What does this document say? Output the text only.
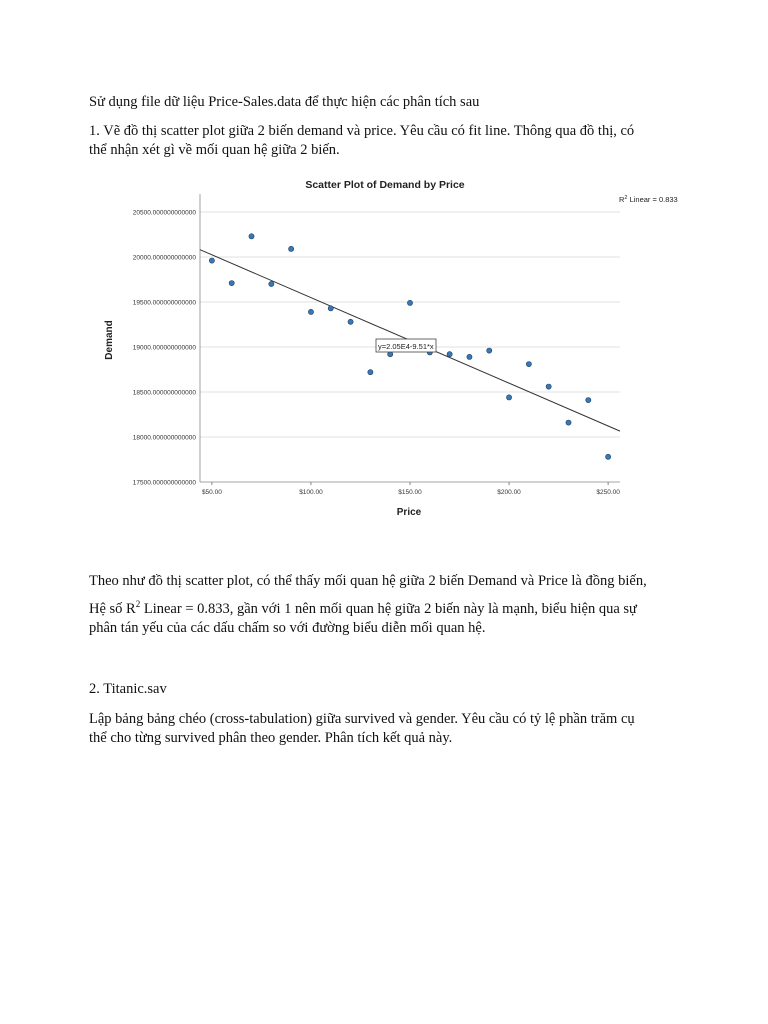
Sử dụng file dữ liệu Price-Sales.data để thực hiện các phân tích sau

1. Vẽ đồ thị scatter plot giữa 2 biến demand và price. Yêu cầu có fit line. Thông qua đồ thị, có
thể nhận xét gì về mối quan hệ giữa 2 biến.

Scatter Plot of Demand by Price
$R^2$ Linear = 0.833
17500.000000000000
18000.000000000000
18500.000000000000
19000.000000000000
19500.000000000000
20000.000000000000
20500.000000000000
$50.00	$100.00	$150.00	$200.00	$250.00
y=2.05E4-9.51*x
Demand
Price

Theo như đồ thị scatter plot, có thể thấy mối quan hệ giữa 2 biến Demand và Price là đồng biến,

Hệ số $R^2$ Linear = 0.833, gần với 1 nên mối quan hệ giữa 2 biến này là mạnh, biểu hiện qua sự
phân tán yếu của các dấu chấm so với đường biểu diễn mối quan hệ.

2. Titanic.sav

Lập bảng bảng chéo (cross-tabulation) giữa survived và gender. Yêu cầu có tỷ lệ phần trăm cụ
thể cho từng survived phân theo gender. Phân tích kết quả này.
